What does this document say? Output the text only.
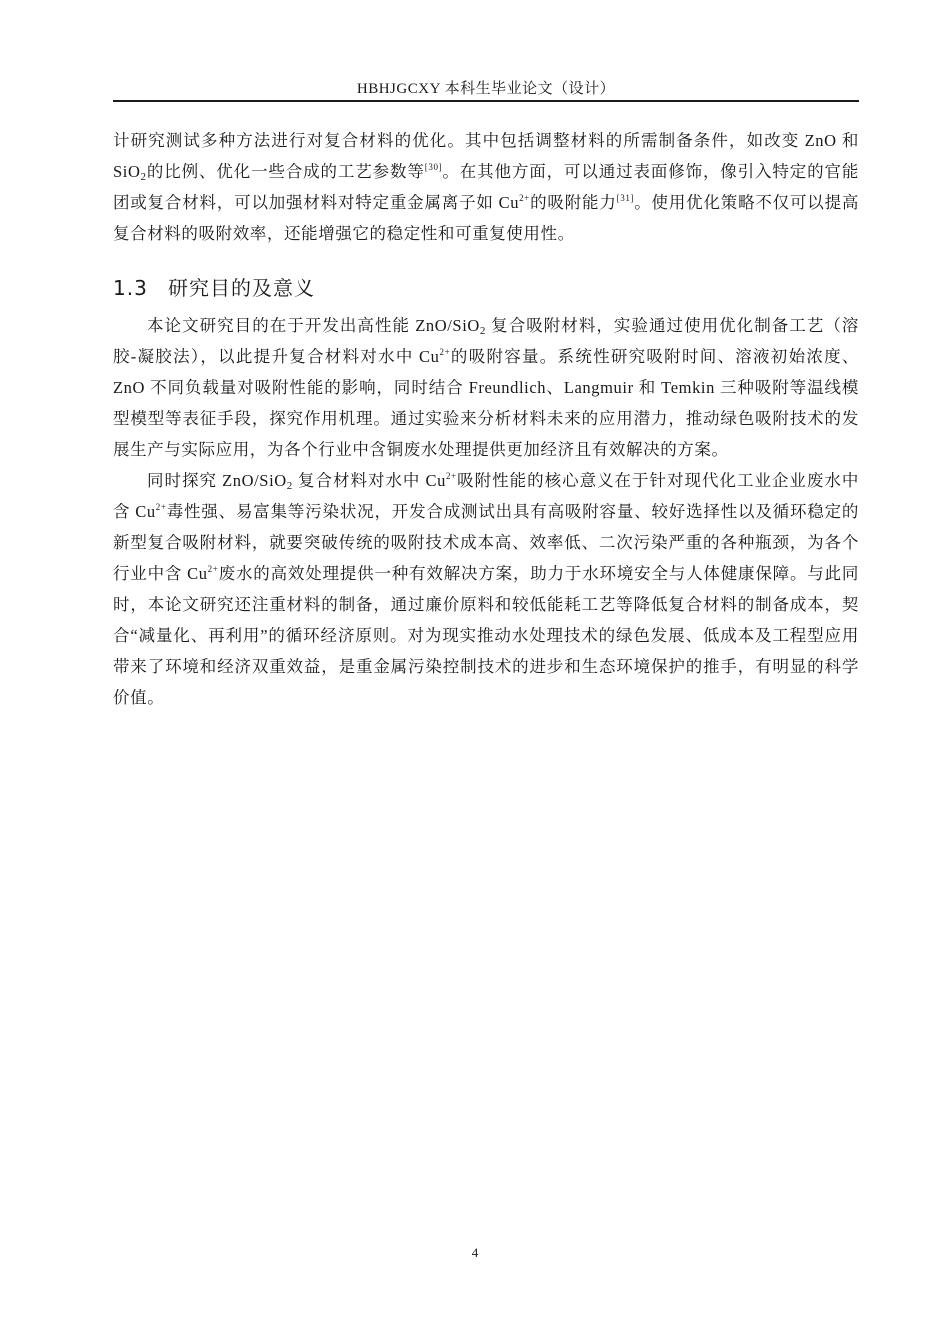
HBHJGCXY 本科生毕业论文（设计）

计研究测试多种方法进行对复合材料的优化。其中包括调整材料的所需制备条件，如改变 ZnO 和 SiO$_2$的比例、优化一些合成的工艺参数等[30]。在其他方面，可以通过表面修饰，像引入特定的官能团或复合材料，可以加强材料对特定重金属离子如 $Cu^{2+}$的吸附能力[31]。使用优化策略不仅可以提高复合材料的吸附效率，还能增强它的稳定性和可重复使用性。

1.3 研究目的及意义

本论文研究目的在于开发出高性能 ZnO/SiO$_2$ 复合吸附材料，实验通过使用优化制备工艺（溶胶-凝胶法），以此提升复合材料对水中 $Cu^{2+}$的吸附容量。系统性研究吸附时间、溶液初始浓度、ZnO 不同负载量对吸附性能的影响，同时结合 Freundlich、Langmuir 和 Temkin 三种吸附等温线模型模型等表征手段，探究作用机理。通过实验来分析材料未来的应用潜力，推动绿色吸附技术的发展生产与实际应用，为各个行业中含铜废水处理提供更加经济且有效解决的方案。

同时探究 ZnO/SiO$_2$ 复合材料对水中 $Cu^{2+}$吸附性能的核心意义在于针对现代化工业企业废水中含 $Cu^{2+}$毒性强、易富集等污染状况，开发合成测试出具有高吸附容量、较好选择性以及循环稳定的新型复合吸附材料，就要突破传统的吸附技术成本高、效率低、二次污染严重的各种瓶颈，为各个行业中含 $Cu^{2+}$废水的高效处理提供一种有效解决方案，助力于水环境安全与人体健康保障。与此同时，本论文研究还注重材料的制备，通过廉价原料和较低能耗工艺等降低复合材料的制备成本，契合“减量化、再利用”的循环经济原则。对为现实推动水处理技术的绿色发展、低成本及工程型应用带来了环境和经济双重效益，是重金属污染控制技术的进步和生态环境保护的推手，有明显的科学价值。

4
